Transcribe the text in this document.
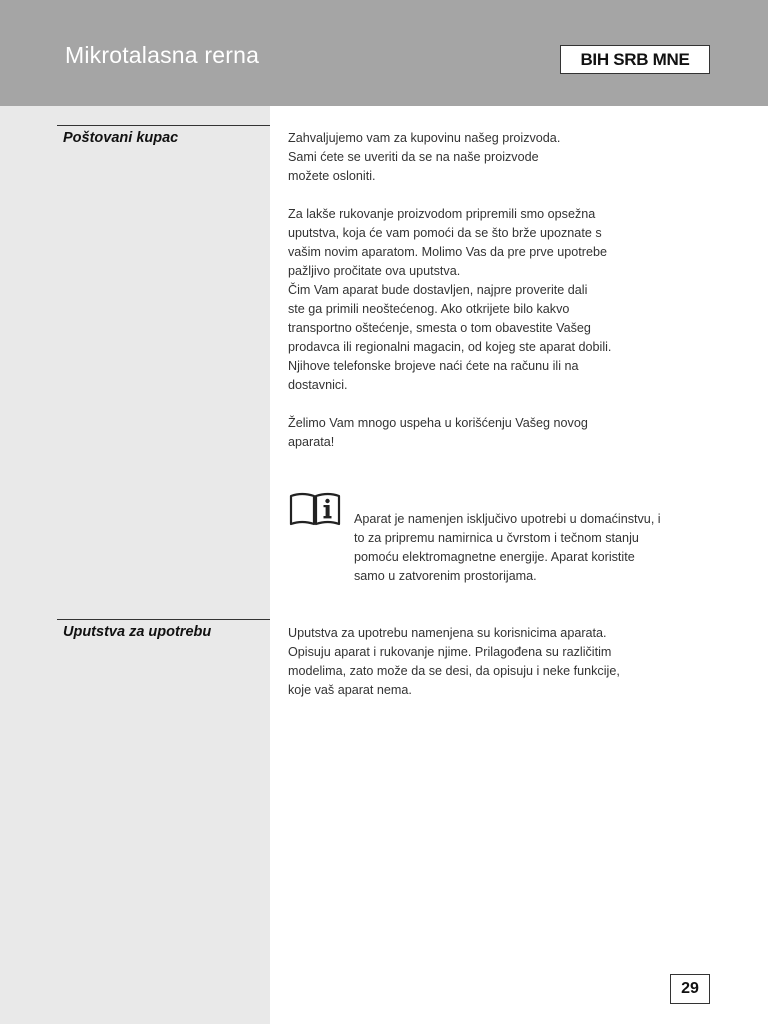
Mikrotalasna rerna	BIH SRB MNE
Poštovani kupac	Zahvaljujemo vam za kupovinu našeg proizvoda.

Sami ćete se uveriti da se na naše proizvode

možete osloniti.

Za lakše rukovanje proizvodom pripremili smo opsežna

uputstva, koja će vam pomoći da se što brže upoznate s

vašim novim aparatom. Molimo Vas da pre prve upotrebe

pažljivo pročitate ova uputstva.

Čim Vam aparat bude dostavljen, najpre proverite dali

ste ga primili neoštećenog. Ako otkrijete bilo kakvo

transportno oštećenje, smesta o tom obavestite Vašeg

prodavca ili regionalni magacin, od kojeg ste aparat dobili.

Njihove telefonske brojeve naći ćete na računu ili na

dostavnici.

Želimo Vam mnogo uspeha u korišćenju Vašeg novog

aparata!

Aparat je namenjen isključivo upotrebi u domaćinstvu, i

to za pripremu namirnica u čvrstom i tečnom stanju

pomoću elektromagnetne energije. Aparat koristite

samo u zatvorenim prostorijama.

Uputstva za upotrebu	Uputstva za upotrebu namenjena su korisnicima aparata.

Opisuju aparat i rukovanje njime. Prilagođena su različitim

modelima, zato može da se desi, da opisuju i neke funkcije,

koje vaš aparat nema.

29
